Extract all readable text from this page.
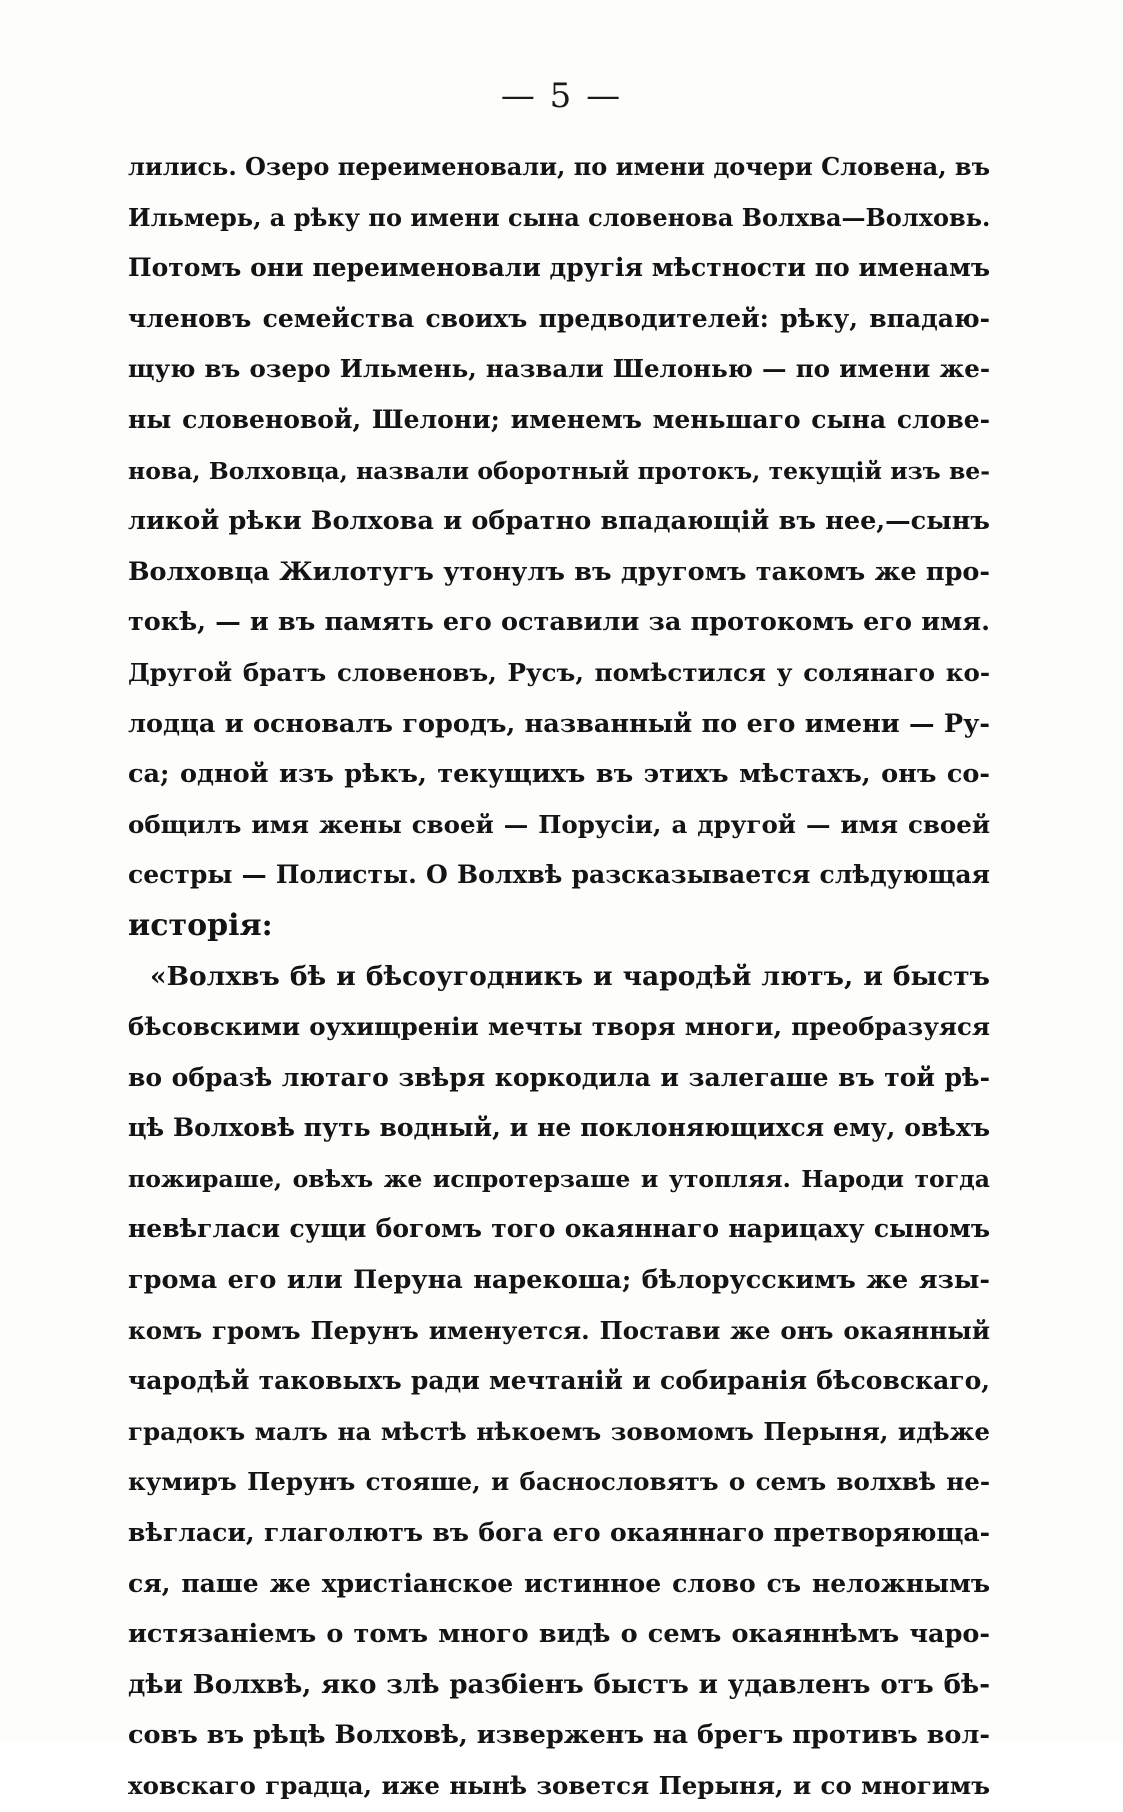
— 5 —
лились. Озеро переименовали, по имени дочери Словена, въ
Ильмерь, а рѣку по имени сына словенова Волхва—Волховь.
Потомъ они переименовали другія мѣстности по именамъ
членовъ семейства своихъ предводителей: рѣку, впадаю-
щую въ озеро Ильмень, назвали Шелонью — по имени же-
ны словеновой, Шелони; именемъ меньшаго сына слове-
нова, Волховца, назвали оборотный протокъ, текущій изъ ве-
ликой рѣки Волхова и обратно впадающій въ нее,—сынъ
Волховца Жилотугъ утонулъ въ другомъ такомъ же про-
токѣ, — и въ память его оставили за протокомъ его имя.
Другой братъ словеновъ, Русъ, помѣстился у солянаго ко-
лодца и основалъ городъ, названный по его имени — Ру-
са; одной изъ рѣкъ, текущихъ въ этихъ мѣстахъ, онъ со-
общилъ имя жены своей — Порусіи, а другой — имя своей
сестры — Полисты. О Волхвѣ разсказывается слѣдующая
исторія:
«Волхвъ бѣ и бѣсоугодникъ и чародѣй лютъ, и быстъ
бѣсовскими оухищреніи мечты творя многи, преобразуяся
во образѣ лютаго звѣря коркодила и залегаше въ той рѣ-
цѣ Волховѣ путь водный, и не поклоняющихся ему, овѣхъ
пожираше, овѣхъ же испротерзаше и утопляя. Народи тогда
невѣгласи сущи богомъ того окаяннаго нарицаху сыномъ
грома его или Перуна нарекоша; бѣлорусскимъ же язы-
комъ громъ Перунъ именуется. Постави же онъ окаянный
чародѣй таковыхъ ради мечтаній и собиранія бѣсовскаго,
градокъ малъ на мѣстѣ нѣкоемъ зовомомъ Перыня, идѣже
кумиръ Перунъ стояше, и баснословятъ о семъ волхвѣ не-
вѣгласи, глаголютъ въ бога его окаяннаго претворяюща-
ся, паше же христіанское истинное слово съ неложнымъ
истязаніемъ о томъ много видѣ о семъ окаяннѣмъ чаро-
дѣи Волхвѣ, яко злѣ разбіенъ быстъ и удавленъ отъ бѣ-
совъ въ рѣцѣ Волховѣ, изверженъ на брегъ противъ вол-
ховскаго градца, иже нынѣ зовется Перыня, и со многимъ
